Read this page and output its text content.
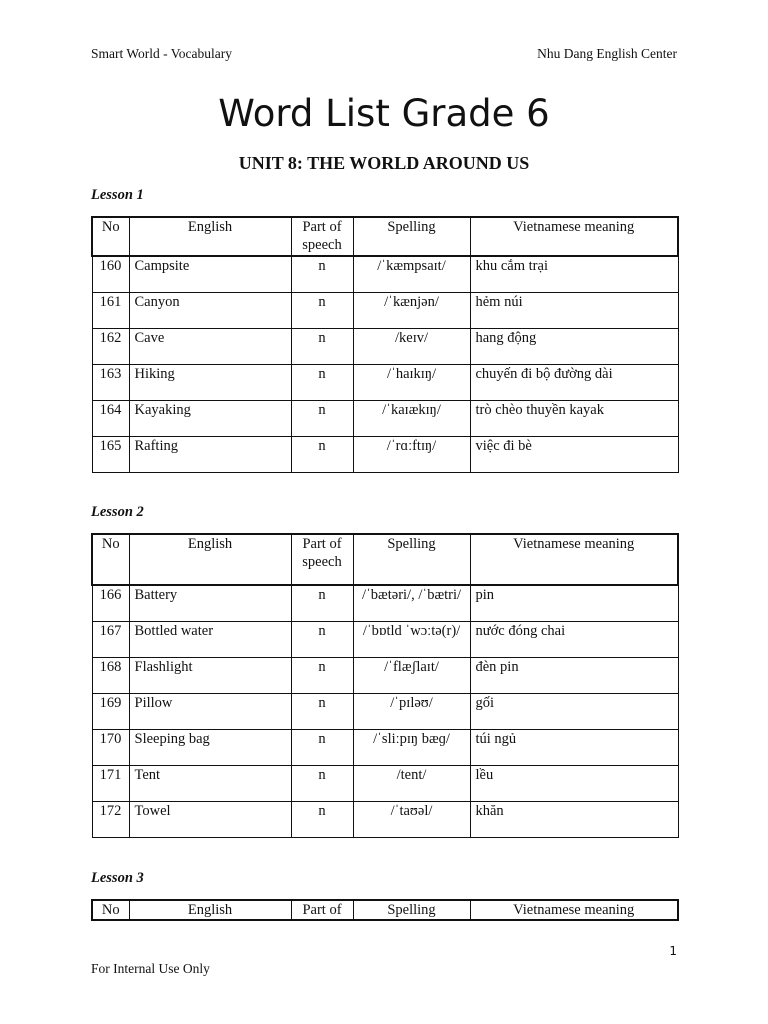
Smart World - Vocabulary	Nhu Dang English Center
Word List Grade 6
UNIT 8: THE WORLD AROUND US
Lesson 1
No	English	Part of speech	Spelling	Vietnamese meaning
160	Campsite	n	/ˈkæmpsaɪt/	khu cắm trại
161	Canyon	n	/ˈkænjən/	hẻm núi
162	Cave	n	/keɪv/	hang động
163	Hiking	n	/ˈhaɪkɪŋ/	chuyến đi bộ đường dài
164	Kayaking	n	/ˈkaɪækɪŋ/	trò chèo thuyền kayak
165	Rafting	n	/ˈrɑːftɪŋ/	việc đi bè
Lesson 2
No	English	Part of speech	Spelling	Vietnamese meaning
166	Battery	n	/ˈbætəri/, /ˈbætri/	pin
167	Bottled water	n	/ˈbɒtld ˈwɔːtə(r)/	nước đóng chai
168	Flashlight	n	/ˈflæʃlaɪt/	đèn pin
169	Pillow	n	/ˈpɪləʊ/	gối
170	Sleeping bag	n	/ˈsliːpɪŋ bæɡ/	túi ngủ
171	Tent	n	/tent/	lều
172	Towel	n	/ˈtaʊəl/	khăn
Lesson 3
No	English	Part of	Spelling	Vietnamese meaning
1
For Internal Use Only
